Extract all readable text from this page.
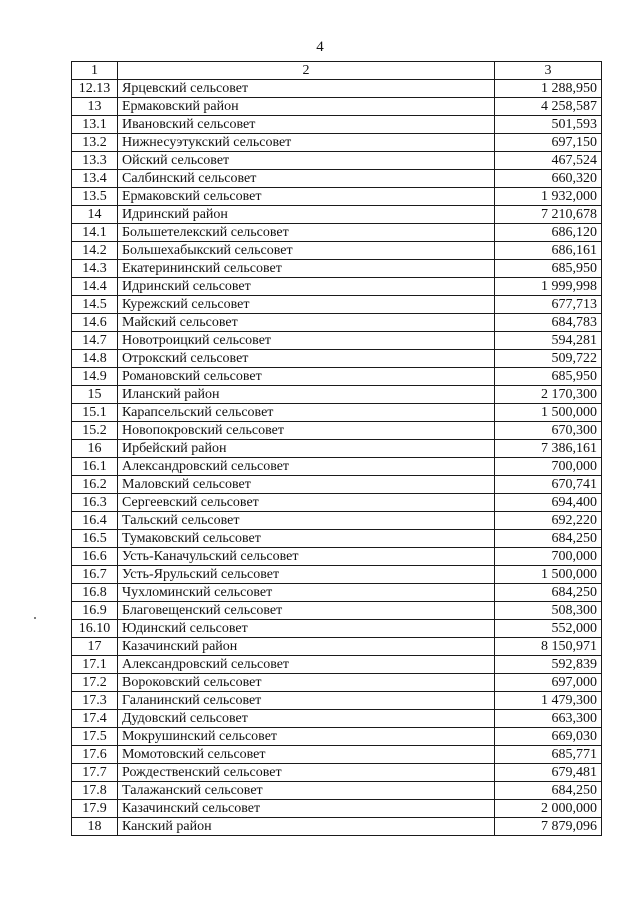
4
1	2	3
12.13	Ярцевский сельсовет	1 288,950
13	Ермаковский район	4 258,587
13.1	Ивановский сельсовет	501,593
13.2	Нижнесуэтукский сельсовет	697,150
13.3	Ойский сельсовет	467,524
13.4	Салбинский сельсовет	660,320
13.5	Ермаковский сельсовет	1 932,000
14	Идринский район	7 210,678
14.1	Большетелекский сельсовет	686,120
14.2	Большехабыкский сельсовет	686,161
14.3	Екатерининский сельсовет	685,950
14.4	Идринский сельсовет	1 999,998
14.5	Курежский сельсовет	677,713
14.6	Майский сельсовет	684,783
14.7	Новотроицкий сельсовет	594,281
14.8	Отрокский сельсовет	509,722
14.9	Романовский сельсовет	685,950
15	Иланский район	2 170,300
15.1	Карапсельский сельсовет	1 500,000
15.2	Новопокровский сельсовет	670,300
16	Ирбейский район	7 386,161
16.1	Александровский сельсовет	700,000
16.2	Маловский сельсовет	670,741
16.3	Сергеевский сельсовет	694,400
16.4	Тальский сельсовет	692,220
16.5	Тумаковский сельсовет	684,250
16.6	Усть-Каначульский сельсовет	700,000
16.7	Усть-Ярульский сельсовет	1 500,000
16.8	Чухломинский сельсовет	684,250
16.9	Благовещенский сельсовет	508,300
16.10	Юдинский сельсовет	552,000
17	Казачинский район	8 150,971
17.1	Александровский сельсовет	592,839
17.2	Вороковский сельсовет	697,000
17.3	Галанинский сельсовет	1 479,300
17.4	Дудовский сельсовет	663,300
17.5	Мокрушинский сельсовет	669,030
17.6	Момотовский сельсовет	685,771
17.7	Рождественский сельсовет	679,481
17.8	Талажанский сельсовет	684,250
17.9	Казачинский сельсовет	2 000,000
18	Канский район	7 879,096
